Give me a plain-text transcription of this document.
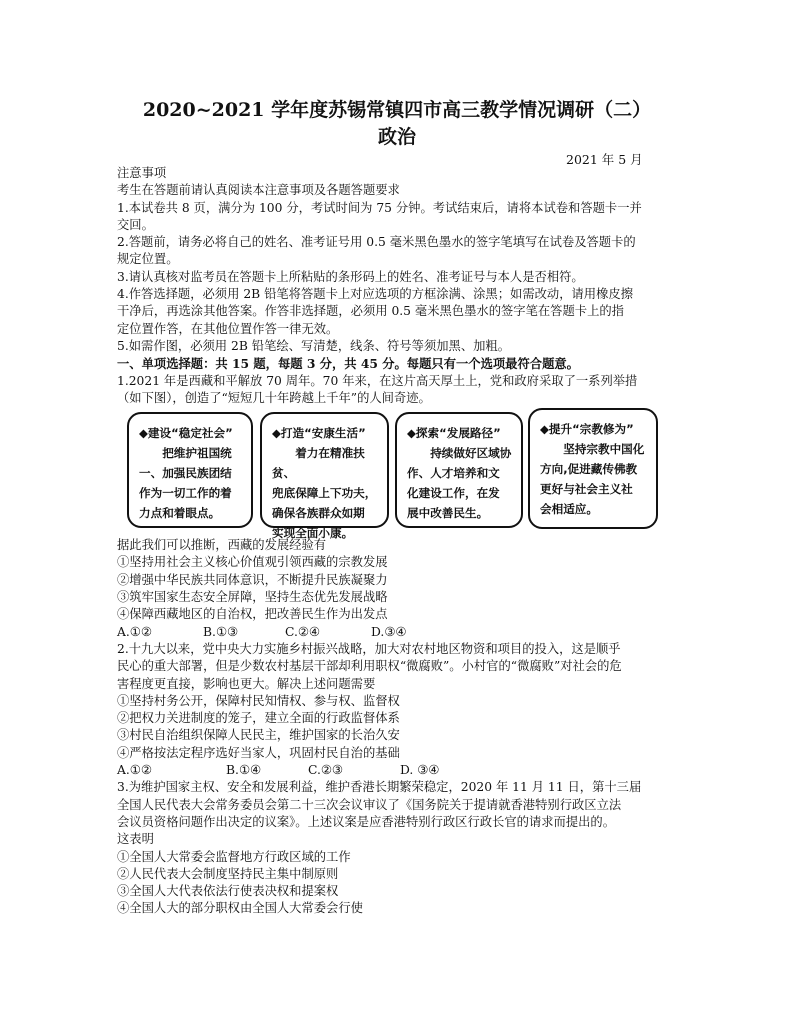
2020~2021 学年度苏锡常镇四市高三教学情况调研（二）
政治
2021 年 5 月

注意事项

考生在答题前请认真阅读本注意事项及各题答题要求

1.本试卷共 8 页，满分为 100 分，考试时间为 75 分钟。考试结束后，请将本试卷和答题卡一并

交回。

2.答题前，请务必将自己的姓名、准考证号用 0.5 毫米黑色墨水的签字笔填写在试卷及答题卡的

规定位置。

3.请认真核对监考员在答题卡上所粘贴的条形码上的姓名、准考证号与本人是否相符。

4.作答选择题，必须用 2B 铅笔将答题卡上对应选项的方框涂满、涂黑；如需改动，请用橡皮擦

干净后，再选涂其他答案。作答非选择题，必须用 0.5 毫米黑色墨水的签字笔在答题卡上的指

定位置作答，在其他位置作答一律无效。

5.如需作图，必须用 2B 铅笔绘、写清楚，线条、符号等须加黑、加粗。

一、单项选择题：共 15 题，每题 3 分，共 45 分。每题只有一个选项最符合题意。

1.2021 年是西藏和平解放 70 周年。70 年来，在这片高天厚土上，党和政府采取了一系列举措

（如下图），创造了“短短几十年跨越上千年”的人间奇迹。

◆建设“稳定社会”
把维护祖国统
一、加强民族团结
作为一切工作的着
力点和着眼点。
◆打造“安康生活”
着力在精准扶贫、
兜底保障上下功夫，
确保各族群众如期
实现全面小康。
◆探索“发展路径”
持续做好区域协
作、人才培养和文
化建设工作，在发
展中改善民生。
◆提升“宗教修为”
坚持宗教中国化
方向,促进藏传佛教
更好与社会主义社
会相适应。

据此我们可以推断，西藏的发展经验有

①坚持用社会主义核心价值观引领西藏的宗教发展

②增强中华民族共同体意识，不断提升民族凝聚力

③筑牢国家生态安全屏障，坚持生态优先发展战略

④保障西藏地区的自治权，把改善民生作为出发点

A.①②	B.①③	C.②④	D.③④

2.十九大以来，党中央大力实施乡村振兴战略，加大对农村地区物资和项目的投入，这是顺乎

民心的重大部署，但是少数农村基层干部却利用职权“微腐败”。小村官的“微腐败”对社会的危

害程度更直接，影响也更大。解决上述问题需要

①坚持村务公开，保障村民知情权、参与权、监督权

②把权力关进制度的笼子，建立全面的行政监督体系

③村民自治组织保障人民民主，维护国家的长治久安

④严格按法定程序选好当家人，巩固村民自治的基础

A.①②	B.①④	C.②③	D. ③④

3.为维护国家主权、安全和发展利益，维护香港长期繁荣稳定，2020 年 11 月 11 日，第十三届

全国人民代表大会常务委员会第二十三次会议审议了《国务院关于提请就香港特别行政区立法

会议员资格问题作出决定的议案》。上述议案是应香港特别行政区行政长官的请求而提出的。

这表明

①全国人大常委会监督地方行政区域的工作

②人民代表大会制度坚持民主集中制原则

③全国人大代表依法行使表决权和提案权

④全国人大的部分职权由全国人大常委会行使
